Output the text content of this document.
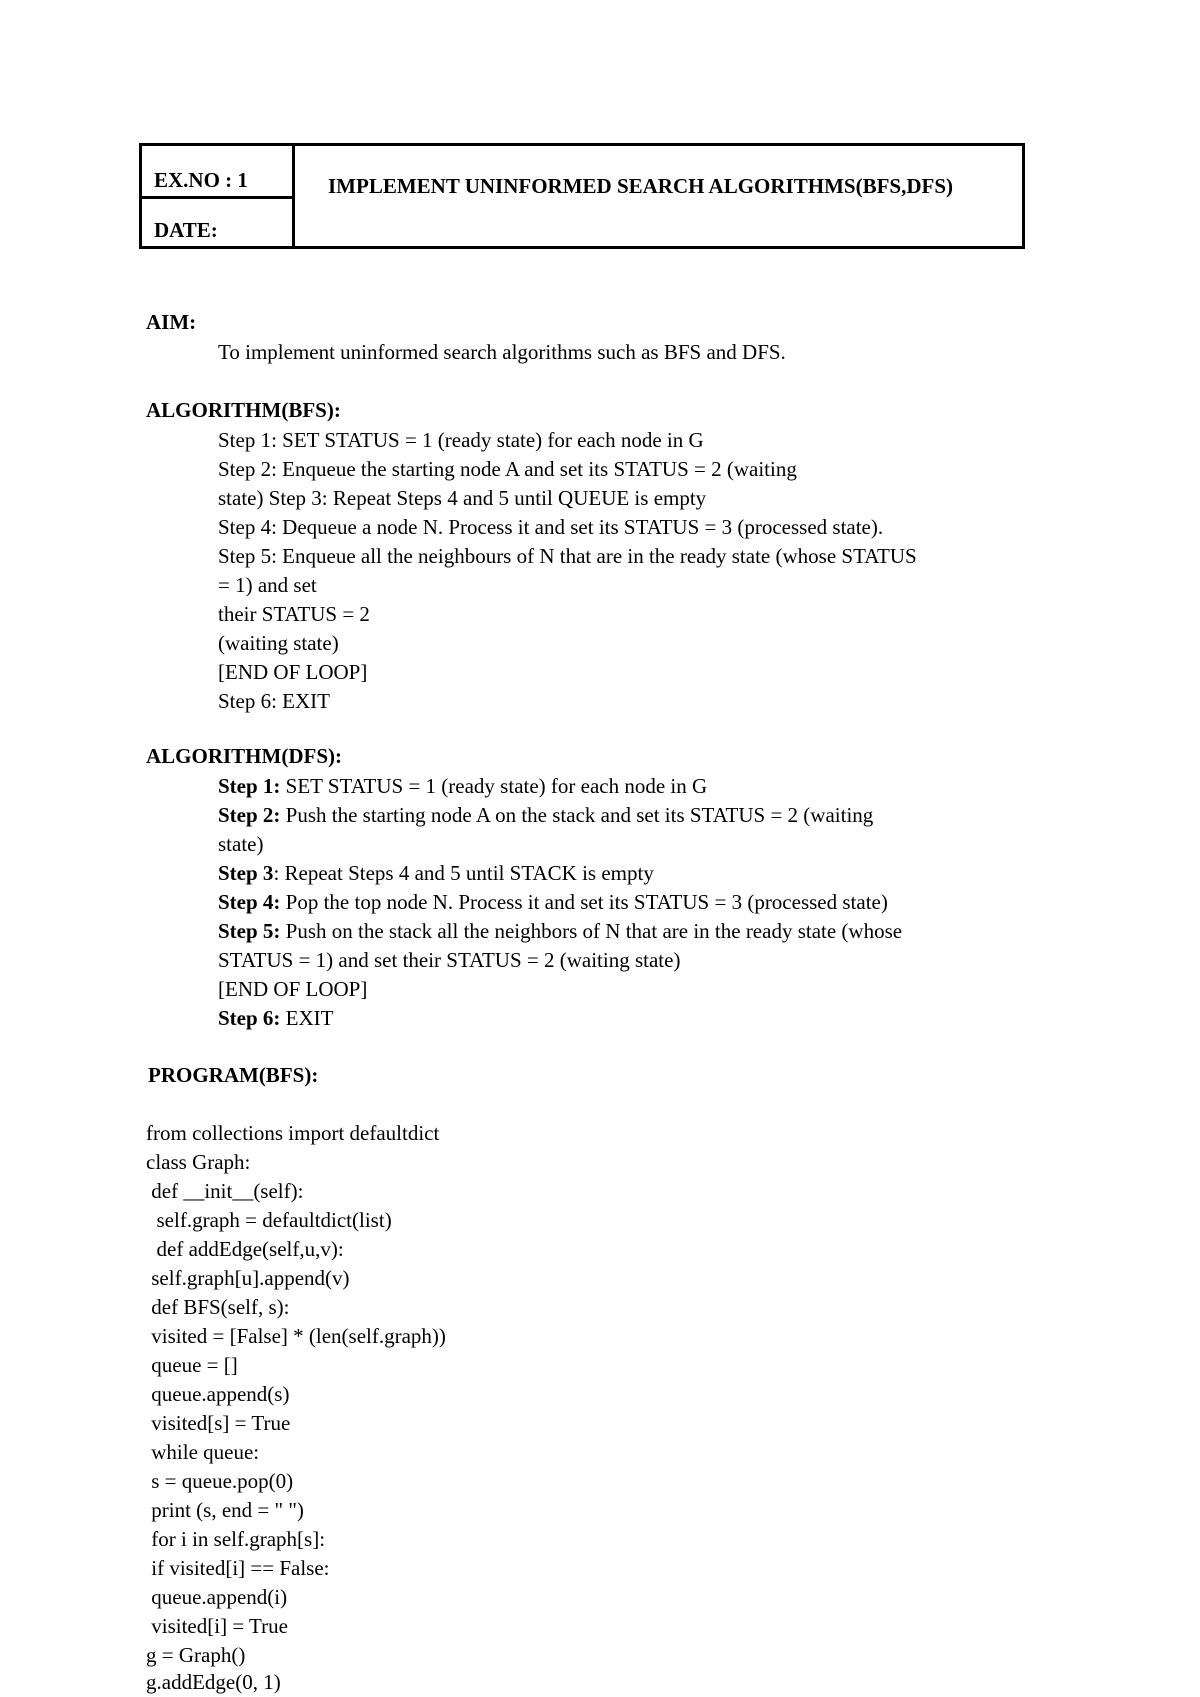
EX.NO : 1
DATE:
IMPLEMENT UNINFORMED SEARCH ALGORITHMS(BFS,DFS)
AIM:
To implement uninformed search algorithms such as BFS and DFS.
ALGORITHM(BFS):
Step 1: SET STATUS = 1 (ready state) for each node in G
Step 2: Enqueue the starting node A and set its STATUS = 2 (waiting
state) Step 3: Repeat Steps 4 and 5 until QUEUE is empty
Step 4: Dequeue a node N. Process it and set its STATUS = 3 (processed state).
Step 5: Enqueue all the neighbours of N that are in the ready state (whose STATUS
= 1) and set
their STATUS = 2
(waiting state)
[END OF LOOP]
Step 6: EXIT
ALGORITHM(DFS):
Step 1: SET STATUS = 1 (ready state) for each node in G
Step 2: Push the starting node A on the stack and set its STATUS = 2 (waiting
state)
Step 3: Repeat Steps 4 and 5 until STACK is empty
Step 4: Pop the top node N. Process it and set its STATUS = 3 (processed state)
Step 5: Push on the stack all the neighbors of N that are in the ready state (whose
STATUS = 1) and set their STATUS = 2 (waiting state)
[END OF LOOP]
Step 6: EXIT
PROGRAM(BFS):
from collections import defaultdict
class Graph:
def __init__(self):
self.graph = defaultdict(list)
def addEdge(self,u,v):
self.graph[u].append(v)
def BFS(self, s):
visited = [False] * (len(self.graph))
queue = []
queue.append(s)
visited[s] = True
while queue:
s = queue.pop(0)
print (s, end = " ")
for i in self.graph[s]:
if visited[i] == False:
queue.append(i)
visited[i] = True
g = Graph()
g.addEdge(0, 1)
